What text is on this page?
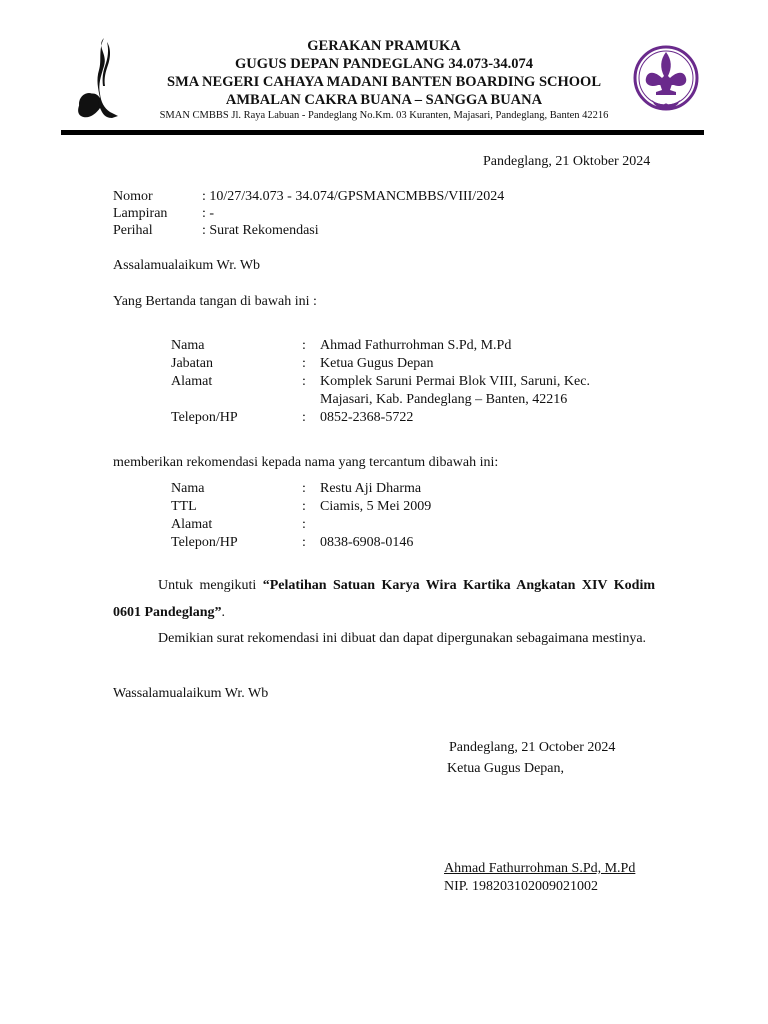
GERAKAN PRAMUKA
GUGUS DEPAN PANDEGLANG 34.073-34.074
SMA NEGERI CAHAYA MADANI BANTEN BOARDING SCHOOL
AMBALAN CAKRA BUANA – SANGGA BUANA
SMAN CMBBS Jl. Raya Labuan - Pandeglang No.Km. 03 Kuranten, Majasari, Pandeglang, Banten 42216
Pandeglang, 21 Oktober 2024
Nomor	: 10/27/34.073 - 34.074/GPSMANCMBBS/VIII/2024
Lampiran : -
Perihal	: Surat Rekomendasi
Assalamualaikum Wr. Wb
Yang Bertanda tangan di bawah ini :
Nama	: Ahmad Fathurrohman S.Pd, M.Pd
Jabatan	: Ketua Gugus Depan
Alamat	: Komplek Saruni Permai Blok VIII, Saruni, Kec.
Majasari, Kab. Pandeglang – Banten, 42216
Telepon/HP	: 0852-2368-5722
memberikan rekomendasi kepada nama yang tercantum dibawah ini:
Nama	: Restu Aji Dharma
TTL	: Ciamis, 5 Mei 2009
Alamat	:
Telepon/HP	: 0838-6908-0146
Untuk mengikuti “Pelatihan Satuan Karya Wira Kartika Angkatan XIV Kodim 0601 Pandeglang”.
Demikian surat rekomendasi ini dibuat dan dapat dipergunakan sebagaimana mestinya.
Wassalamualaikum Wr. Wb
Pandeglang, 21 October 2024
Ketua Gugus Depan,
Ahmad Fathurrohman S.Pd, M.Pd
NIP. 198203102009021002
